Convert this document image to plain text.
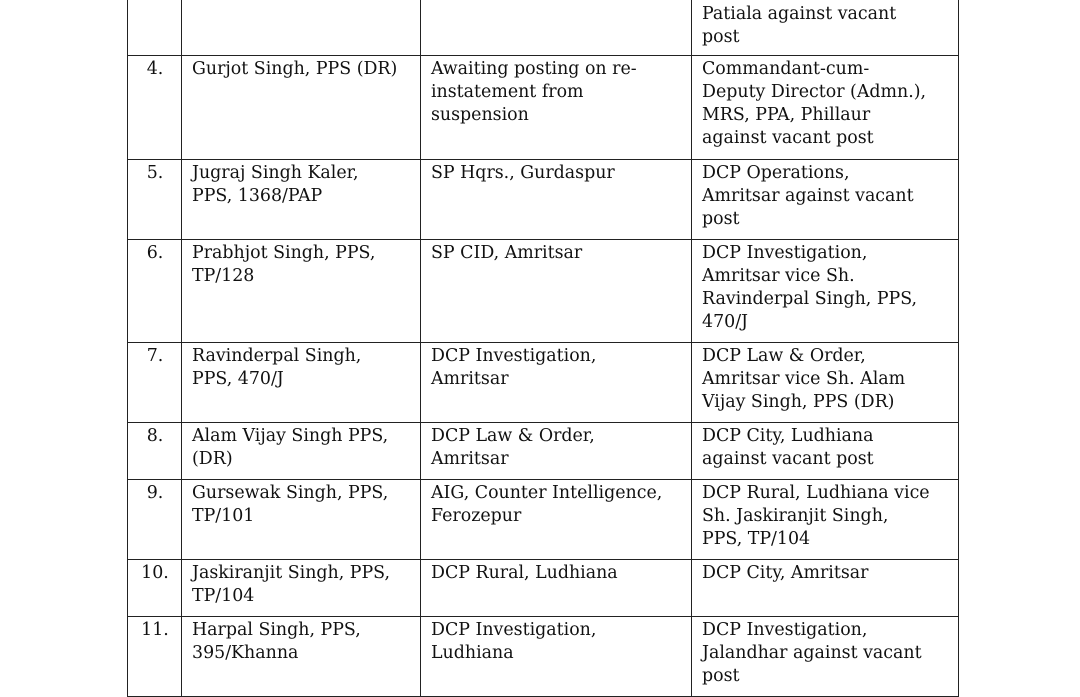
Patiala against vacant
post

4.	Gurjot Singh, PPS (DR)	Awaiting posting on re-
instatement from
suspension	Commandant-cum-
Deputy Director (Admn.),
MRS, PPA, Phillaur
against vacant post

5.	Jugraj Singh Kaler,
PPS, 1368/PAP	SP Hqrs., Gurdaspur	DCP Operations,
Amritsar against vacant
post

6.	Prabhjot Singh, PPS,
TP/128	SP CID, Amritsar	DCP Investigation,
Amritsar vice Sh.
Ravinderpal Singh, PPS,
470/J

7.	Ravinderpal Singh,
PPS, 470/J	DCP Investigation,
Amritsar	DCP Law & Order,
Amritsar vice Sh. Alam
Vijay Singh, PPS (DR)

8.	Alam Vijay Singh PPS,
(DR)	DCP Law & Order,
Amritsar	DCP City, Ludhiana
against vacant post

9.	Gursewak Singh, PPS,
TP/101	AIG, Counter Intelligence,
Ferozepur	DCP Rural, Ludhiana vice
Sh. Jaskiranjit Singh,
PPS, TP/104

10.	Jaskiranjit Singh, PPS,
TP/104	DCP Rural, Ludhiana	DCP City, Amritsar

11.	Harpal Singh, PPS,
395/Khanna	DCP Investigation,
Ludhiana	DCP Investigation,
Jalandhar against vacant
post
